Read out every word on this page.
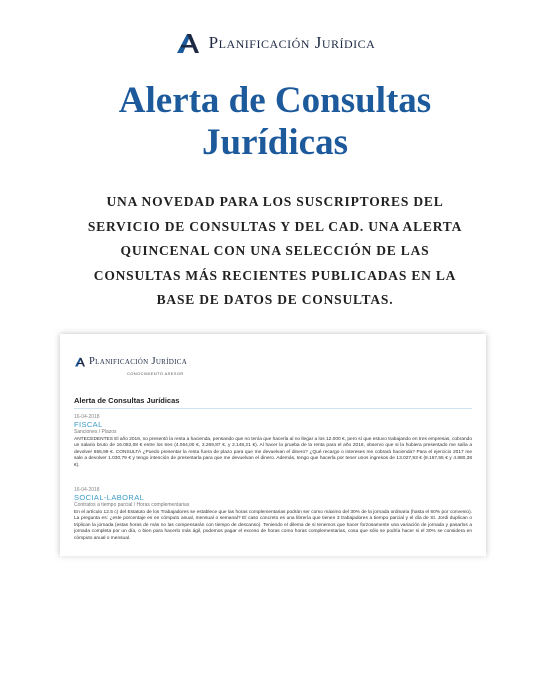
Planificación Jurídica
Alerta de Consultas
Jurídicas
UNA NOVEDAD PARA LOS SUSCRIPTORES DEL
SERVICIO DE CONSULTAS Y DEL CAD. UNA ALERTA
QUINCENAL CON UNA SELECCIÓN DE LAS
CONSULTAS MÁS RECIENTES PUBLICADAS EN LA
BASE DE DATOS DE CONSULTAS.
Planificación Jurídica
CONOCIMIENTO ASESOR
Alerta de Consultas Jurídicas
16-04-2018
FISCAL
Sanciones / Plazos
ANTECEDENTES El año 2016, no presentó la renta a hacienda, pensando que no tenía que hacerla al no llegar a los 12.000 €, pero sí que estuvo trabajando en tres empresas, cobrando un salario bruto de 16.082,08 € entre los tres (4.064,00 €, 3.269,87 €, y 2.148,21 €). Al hacer la prueba de la renta para el año 2016, observo que si la hubiera presentado me salía a devolver 655,99 €. CONSULTA ¿Puedo presentar la renta fuera de plazo para que me devuelvan el dinero? ¿Qué recargo o intereses me cobrará hacienda? Para el ejercicio 2017 me sale a devolver 1.030,79 € y tengo intención de presentarla para que me devuelvan el dinero. Además, tengo que hacerla por tener unos ingresos de 13.027,93 € (8.167,55 € y 4.880,38 €).
16-04-2018
SOCIAL-LABORAL
Contratos a tiempo parcial / Horas complementarias
En el artículo 12.5 c) del Estatuto de los Trabajadores se establece que las horas complementarias podrán ser como máximo del 30% de la jornada ordinaria (hasta el 60% por convenio). La pregunta es: ¿este porcentaje es en cómputo anual, mensual o semanal? El caso concreto es una librería que tienen 3 trabajadores a tiempo parcial y el día de St. Jordi duplican o triplican la jornada (estas horas de más no las compensarán con tiempo de descanso). Teniendo el dilema de si tenemos que hacer forzosamente una variación de jornada y pasarlos a jornada completa por un día, o bien para hacerlo más ágil, podemos pagar el exceso de horas como horas complementarias, cosa que sólo se podría hacer si el 30% se considera en cómputo anual o mensual.
